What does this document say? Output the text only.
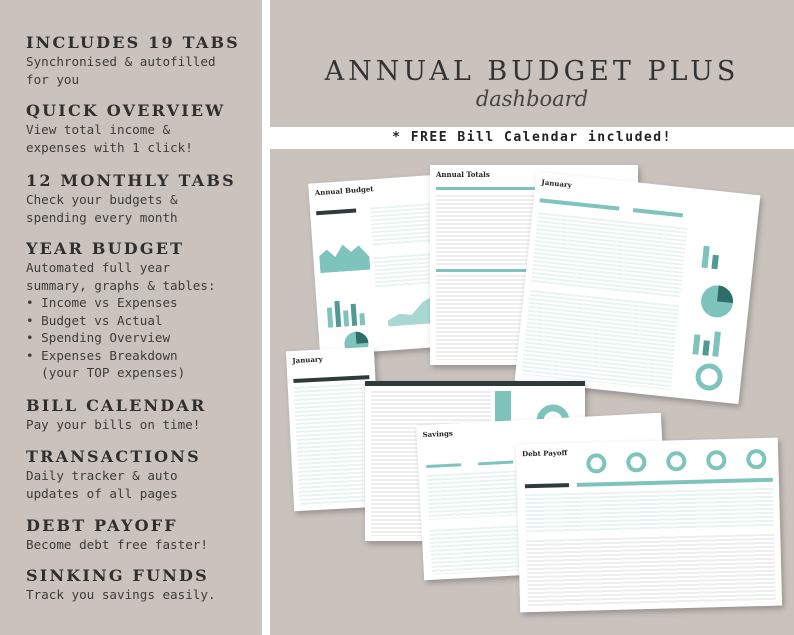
INCLUDES 19 TABS

Synchronised & autofilled

for you

QUICK OVERVIEW

View total income &

expenses with 1 click!

12 MONTHLY TABS

Check your budgets &

spending every month

YEAR BUDGET

Automated full year

summary, graphs & tables:

• Income vs Expenses
• Budget vs Actual
• Spending Overview
• Expenses Breakdown
(your TOP expenses)
BILL CALENDAR

Pay your bills on time!

TRANSACTIONS

Daily tracker & auto

updates of all pages

DEBT PAYOFF

Become debt free faster!

SINKING FUNDS

Track you savings easily.

ANNUAL BUDGET PLUS
dashboard
* FREE Bill Calendar included!
Annual Budget
Annual Totals
January
January
Savings
Debt Payoff
